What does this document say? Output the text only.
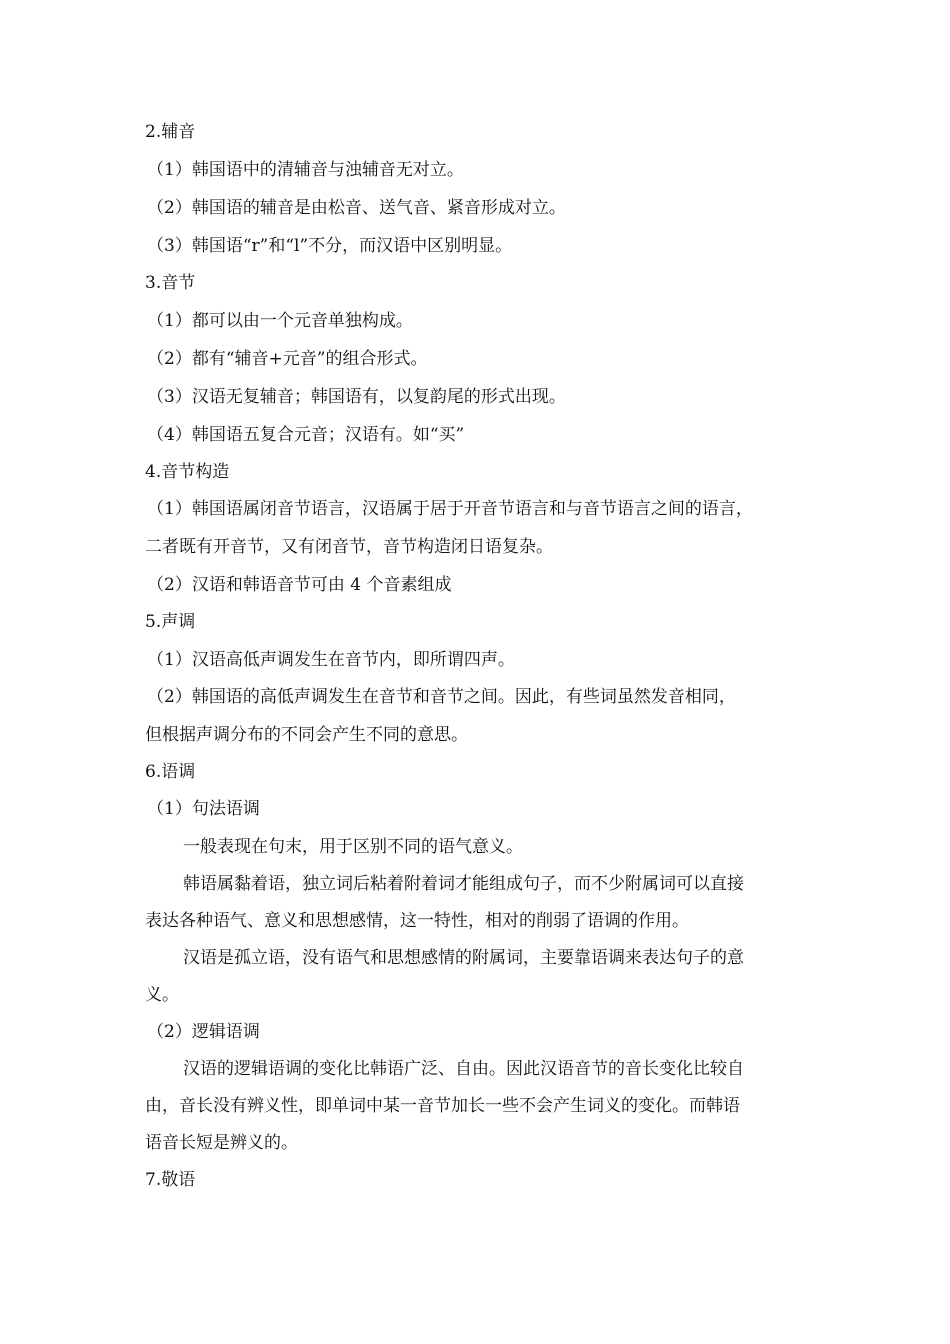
2.辅音
（1）韩国语中的清辅音与浊辅音无对立。
（2）韩国语的辅音是由松音、送气音、紧音形成对立。
（3）韩国语“r”和“l”不分，而汉语中区别明显。
3.音节
（1）都可以由一个元音单独构成。
（2）都有“辅音+元音”的组合形式。
（3）汉语无复辅音；韩国语有，以复韵尾的形式出现。
（4）韩国语五复合元音；汉语有。如“买”
4.音节构造
（1）韩国语属闭音节语言，汉语属于居于开音节语言和与音节语言之间的语言，
二者既有开音节，又有闭音节，音节构造闭日语复杂。
（2）汉语和韩语音节可由 4 个音素组成
5.声调
（1）汉语高低声调发生在音节内，即所谓四声。
（2）韩国语的高低声调发生在音节和音节之间。因此，有些词虽然发音相同，
但根据声调分布的不同会产生不同的意思。
6.语调
（1）句法语调
一般表现在句末，用于区别不同的语气意义。
韩语属黏着语，独立词后粘着附着词才能组成句子，而不少附属词可以直接
表达各种语气、意义和思想感情，这一特性，相对的削弱了语调的作用。
汉语是孤立语，没有语气和思想感情的附属词，主要靠语调来表达句子的意
义。
（2）逻辑语调
汉语的逻辑语调的变化比韩语广泛、自由。因此汉语音节的音长变化比较自
由，音长没有辨义性，即单词中某一音节加长一些不会产生词义的变化。而韩语
语音长短是辨义的。
7.敬语
